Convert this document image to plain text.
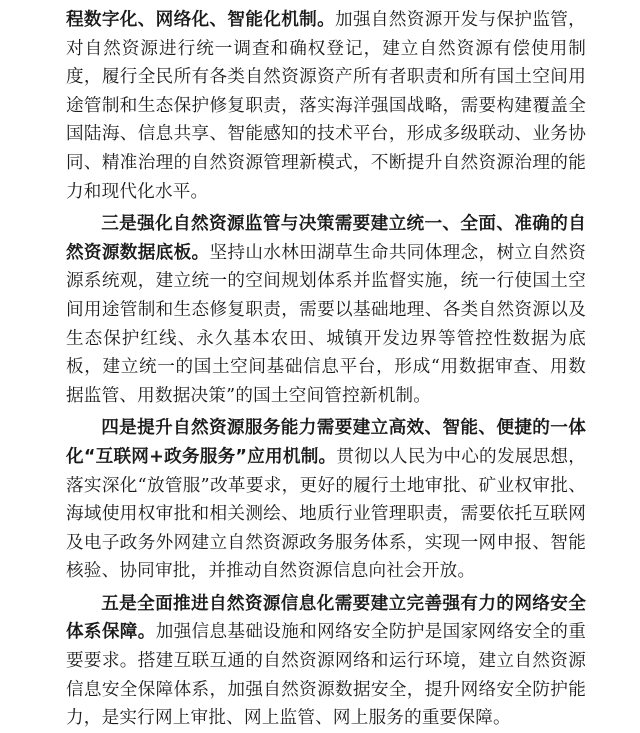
程数字化、网络化、智能化机制。加强自然资源开发与保护监管，对自然资源进行统一调查和确权登记，建立自然资源有偿使用制度，履行全民所有各类自然资源资产所有者职责和所有国土空间用途管制和生态保护修复职责，落实海洋强国战略，需要构建覆盖全国陆海、信息共享、智能感知的技术平台，形成多级联动、业务协同、精准治理的自然资源管理新模式，不断提升自然资源治理的能力和现代化水平。

三是强化自然资源监管与决策需要建立统一、全面、准确的自然资源数据底板。坚持山水林田湖草生命共同体理念，树立自然资源系统观，建立统一的空间规划体系并监督实施，统一行使国土空间用途管制和生态修复职责，需要以基础地理、各类自然资源以及生态保护红线、永久基本农田、城镇开发边界等管控性数据为底板，建立统一的国土空间基础信息平台，形成“用数据审查、用数据监管、用数据决策”的国土空间管控新机制。

四是提升自然资源服务能力需要建立高效、智能、便捷的一体化“互联网+政务服务”应用机制。贯彻以人民为中心的发展思想，落实深化“放管服”改革要求，更好的履行土地审批、矿业权审批、海域使用权审批和相关测绘、地质行业管理职责，需要依托互联网及电子政务外网建立自然资源政务服务体系，实现一网申报、智能核验、协同审批，并推动自然资源信息向社会开放。

五是全面推进自然资源信息化需要建立完善强有力的网络安全体系保障。加强信息基础设施和网络安全防护是国家网络安全的重要要求。搭建互联互通的自然资源网络和运行环境，建立自然资源信息安全保障体系，加强自然资源数据安全，提升网络安全防护能力，是实行网上审批、网上监管、网上服务的重要保障。
